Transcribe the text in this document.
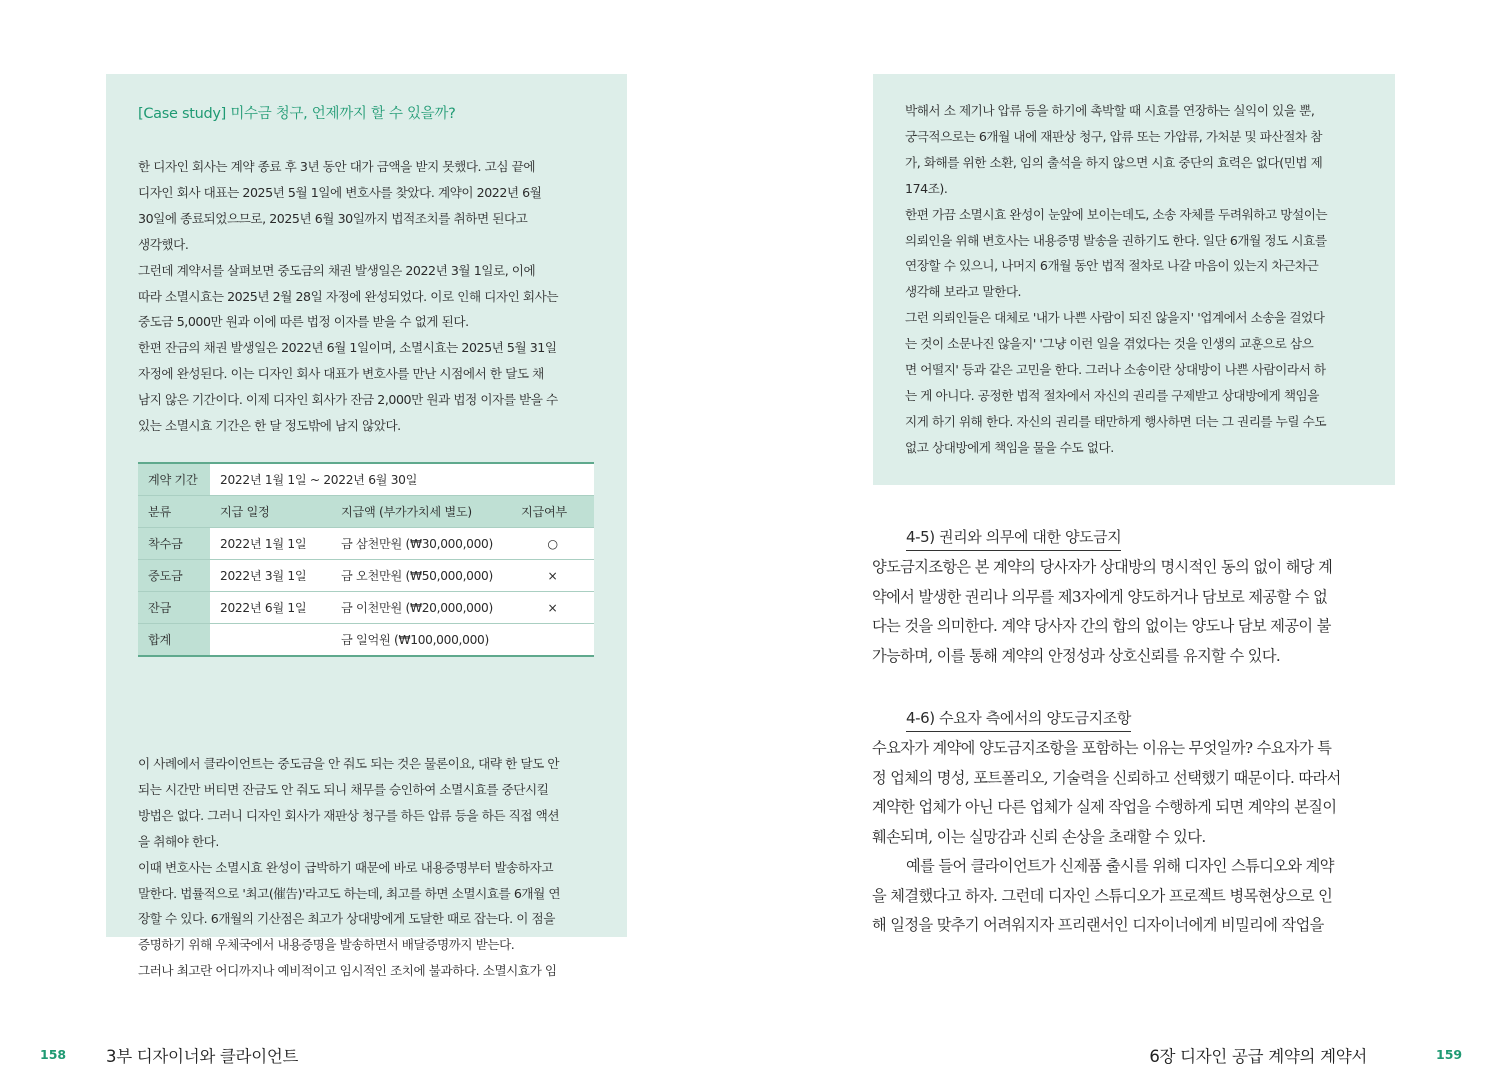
[Case study] 미수금 청구, 언제까지 할 수 있을까?
한 디자인 회사는 계약 종료 후 3년 동안 대가 금액을 받지 못했다. 고심 끝에
디자인 회사 대표는 2025년 5월 1일에 변호사를 찾았다. 계약이 2022년 6월
30일에 종료되었으므로, 2025년 6월 30일까지 법적조치를 취하면 된다고
생각했다.
그런데 계약서를 살펴보면 중도금의 채권 발생일은 2022년 3월 1일로, 이에
따라 소멸시효는 2025년 2월 28일 자정에 완성되었다. 이로 인해 디자인 회사는
중도금 5,000만 원과 이에 따른 법정 이자를 받을 수 없게 된다.
한편 잔금의 채권 발생일은 2022년 6월 1일이며, 소멸시효는 2025년 5월 31일
자정에 완성된다. 이는 디자인 회사 대표가 변호사를 만난 시점에서 한 달도 채
남지 않은 기간이다. 이제 디자인 회사가 잔금 2,000만 원과 법정 이자를 받을 수
있는 소멸시효 기간은 한 달 정도밖에 남지 않았다.
계약 기간	2022년 1월 1일 ~ 2022년 6월 30일		
분류	지급 일정	지급액 (부가가치세 별도)	지급여부
착수금	2022년 1월 1일	금 삼천만원 (₩30,000,000)	○
중도금	2022년 3월 1일	금 오천만원 (₩50,000,000)	×
잔금	2022년 6월 1일	금 이천만원 (₩20,000,000)	×
합계		금 일억원 (₩100,000,000)	
이 사례에서 클라이언트는 중도금을 안 줘도 되는 것은 물론이요, 대략 한 달도 안
되는 시간만 버티면 잔금도 안 줘도 되니 채무를 승인하여 소멸시효를 중단시킬
방법은 없다. 그러니 디자인 회사가 재판상 청구를 하든 압류 등을 하든 직접 액션
을 취해야 한다.
이때 변호사는 소멸시효 완성이 급박하기 때문에 바로 내용증명부터 발송하자고
말한다. 법률적으로 '최고(催告)'라고도 하는데, 최고를 하면 소멸시효를 6개월 연
장할 수 있다. 6개월의 기산점은 최고가 상대방에게 도달한 때로 잡는다. 이 점을
증명하기 위해 우체국에서 내용증명을 발송하면서 배달증명까지 받는다.
그러나 최고란 어디까지나 예비적이고 임시적인 조치에 불과하다. 소멸시효가 임
박해서 소 제기나 압류 등을 하기에 촉박할 때 시효를 연장하는 실익이 있을 뿐,
궁극적으로는 6개월 내에 재판상 청구, 압류 또는 가압류, 가처분 및 파산절차 참
가, 화해를 위한 소환, 임의 출석을 하지 않으면 시효 중단의 효력은 없다(민법 제
174조).
한편 가끔 소멸시효 완성이 눈앞에 보이는데도, 소송 자체를 두려워하고 망설이는
의뢰인을 위해 변호사는 내용증명 발송을 권하기도 한다. 일단 6개월 정도 시효를
연장할 수 있으니, 나머지 6개월 동안 법적 절차로 나갈 마음이 있는지 차근차근
생각해 보라고 말한다.
그런 의뢰인들은 대체로 '내가 나쁜 사람이 되진 않을지' '업계에서 소송을 걸었다
는 것이 소문나진 않을지' '그냥 이런 일을 겪었다는 것을 인생의 교훈으로 삼으
면 어떨지' 등과 같은 고민을 한다. 그러나 소송이란 상대방이 나쁜 사람이라서 하
는 게 아니다. 공정한 법적 절차에서 자신의 권리를 구제받고 상대방에게 책임을
지게 하기 위해 한다. 자신의 권리를 태만하게 행사하면 더는 그 권리를 누릴 수도
없고 상대방에게 책임을 물을 수도 없다.
4-5) 권리와 의무에 대한 양도금지
양도금지조항은 본 계약의 당사자가 상대방의 명시적인 동의 없이 해당 계
약에서 발생한 권리나 의무를 제3자에게 양도하거나 담보로 제공할 수 없
다는 것을 의미한다. 계약 당사자 간의 합의 없이는 양도나 담보 제공이 불
가능하며, 이를 통해 계약의 안정성과 상호신뢰를 유지할 수 있다.
4-6) 수요자 측에서의 양도금지조항
수요자가 계약에 양도금지조항을 포함하는 이유는 무엇일까? 수요자가 특
정 업체의 명성, 포트폴리오, 기술력을 신뢰하고 선택했기 때문이다. 따라서
계약한 업체가 아닌 다른 업체가 실제 작업을 수행하게 되면 계약의 본질이
훼손되며, 이는 실망감과 신뢰 손상을 초래할 수 있다.
예를 들어 클라이언트가 신제품 출시를 위해 디자인 스튜디오와 계약
을 체결했다고 하자. 그런데 디자인 스튜디오가 프로젝트 병목현상으로 인
해 일정을 맞추기 어려워지자 프리랜서인 디자이너에게 비밀리에 작업을
158 3부 디자이너와 클라이언트	6장 디자인 공급 계약의 계약서	159
